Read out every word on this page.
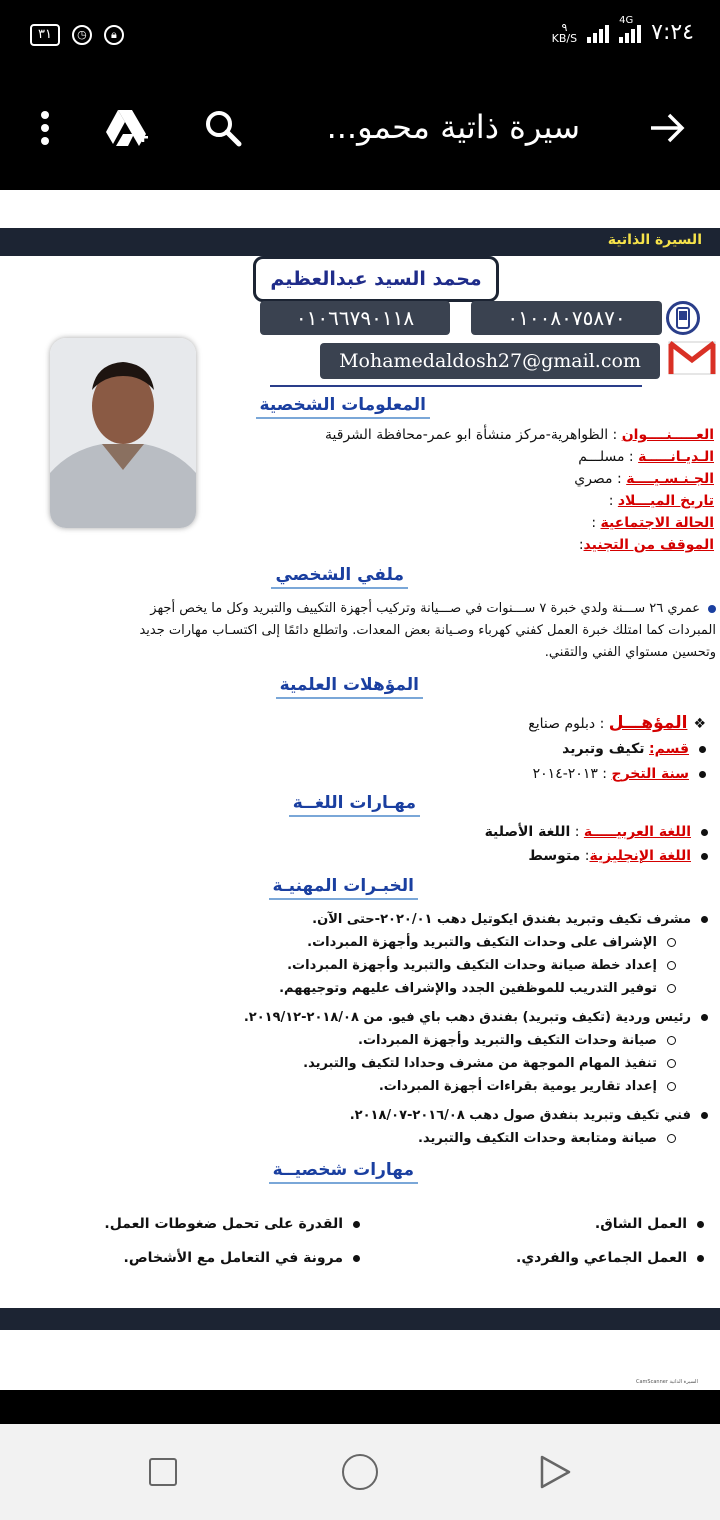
٣١	◷	🔒︎
٩
KB/S
4G ٧:٢٤
سيرة ذاتية محمو...
السيرة الذاتية
محمد السيد عبدالعظيم
٠١٠٠٨٠٧٥٨٧٠
٠١٠٦٦٧٩٠١١٨
Mohamedaldosh27@gmail.com
المعلومات الشخصية
العـــــنــــوان : الظواهرية-مركز منشأة ابو عمر-محافظة الشرقية
الـديـانـــــة : مسلـــم
الجـنـسـيــــة : مصري
تاريخ الميـــلاد :
الحالة الاجتماعية :
الموقف من التجنيد:
ملفي الشخصي
عمري ٢٦ ســـنة ولدي خبرة ٧ ســـنوات في صـــيانة وتركيب أجهزة التكييف والتبريد وكل ما يخص أجهز
المبردات كما امتلك خبرة العمل كفني كهرباء وصـيانة بعض المعدات. واتطلع دائمًا إلى اكتسـاب مهارات جديد
وتحسين مستواي الفني والتقني.
المؤهلات العلمية
❖المؤهـــل : دبلوم صنايع
قسم: تكيف وتبريد
سنة التخرج : ٢٠١٣-٢٠١٤
مهـارات اللغــة
اللغة العربيـــــة : اللغة الأصلية
اللغة الإنجليزية: متوسط
الخبـرات المهنيـة
مشرف تكيف وتبريد بفندق ايكوتيل دهب ٢٠٢٠/٠١-حتى الآن.
الإشراف على وحدات التكيف والتبريد وأجهزة المبردات.
إعداد خطة صيانة وحدات التكيف والتبريد وأجهزة المبردات.
توفير التدريب للموظفين الجدد والإشراف عليهم وتوجيههم.
رئيس وردية (تكيف وتبريد) بفندق دهب باي فيو. من ٢٠١٨/٠٨-٢٠١٩/١٢.
صيانة وحدات التكيف والتبريد وأجهزة المبردات.
تنفيذ المهام الموجهة من مشرف وحدادا لتكيف والتبريد.
إعداد تقارير يومية بقراءات أجهزة المبردات.
فني تكيف وتبريد بنفدق صول دهب ٢٠١٦/٠٨-٢٠١٨/٠٧.
صيانة ومتابعة وحدات التكيف والتبريد.
مهارات شخصيــة
العمل الشاق.
العمل الجماعي والفردي.
القدرة على تحمل ضغوطات العمل.
مرونة في التعامل مع الأشخاص.
CamScanner السيرة الذاتية
